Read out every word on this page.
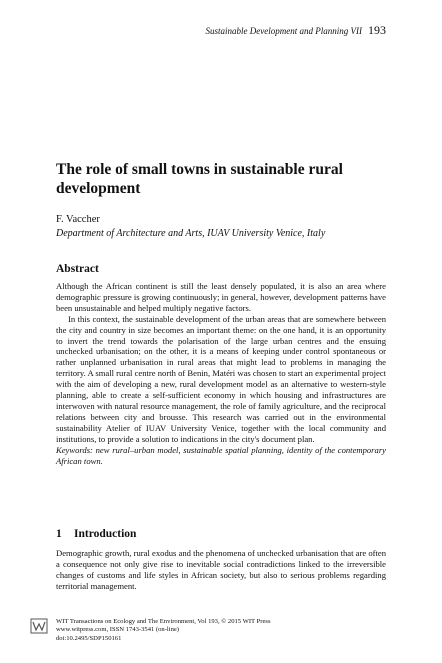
Sustainable Development and Planning VII 193
The role of small towns in sustainable rural development
F. Vaccher
Department of Architecture and Arts, IUAV University Venice, Italy
Abstract

Although the African continent is still the least densely populated, it is also an area where demographic pressure is growing continuously; in general, however, development patterns have been unsustainable and helped multiply negative factors.

In this context, the sustainable development of the urban areas that are somewhere between the city and country in size becomes an important theme: on the one hand, it is an opportunity to invert the trend towards the polarisation of the large urban centres and the ensuing unchecked urbanisation; on the other, it is a means of keeping under control spontaneous or rather unplanned urbanisation in rural areas that might lead to problems in managing the territory. A small rural centre north of Benin, Matéri was chosen to start an experimental project with the aim of developing a new, rural development model as an alternative to western-style planning, able to create a self-sufficient economy in which housing and infrastructures are interwoven with natural resource management, the role of family agriculture, and the reciprocal relations between city and brousse. This research was carried out in the environmental sustainability Atelier of IUAV University Venice, together with the local community and institutions, to provide a solution to indications in the city's document plan.

Keywords: new rural–urban model, sustainable spatial planning, identity of the contemporary African town.

1 Introduction

Demographic growth, rural exodus and the phenomena of unchecked urbanisation that are often a consequence not only give rise to inevitable social contradictions linked to the irreversible changes of customs and life styles in African society, but also to serious problems regarding territorial management.

WIT Transactions on Ecology and The Environment, Vol 193, © 2015 WIT Press
www.witpress.com, ISSN 1743-3541 (on-line)
doi:10.2495/SDP150161
